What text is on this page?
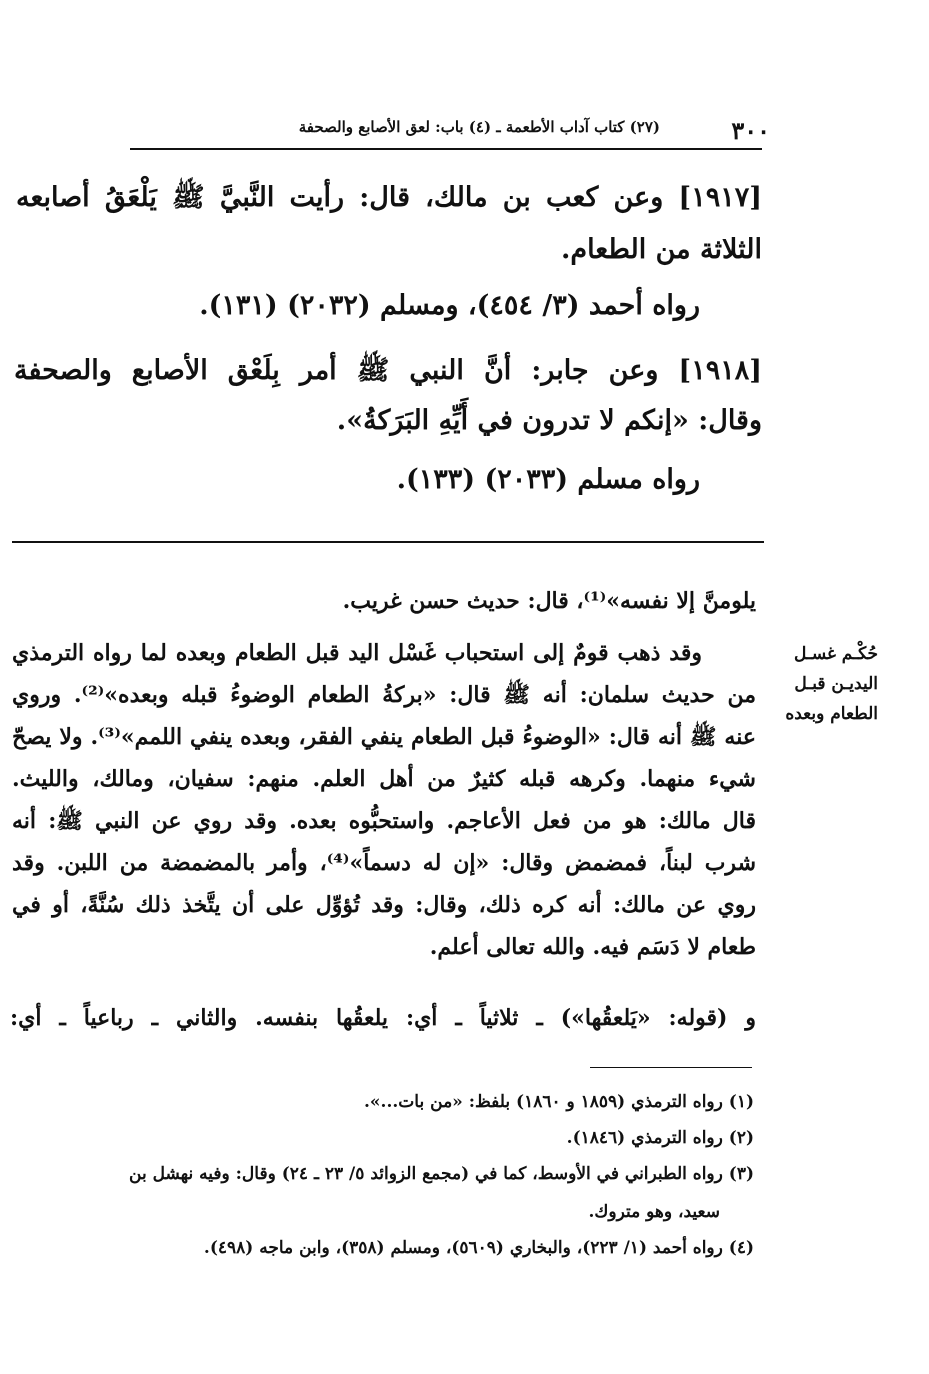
٣٠٠
(٢٧) كتاب آداب الأطعمة ـ (٤) باب: لعق الأصابع والصحفة
[١٩١٧] وعن كعب بن مالك، قال: رأيت النَّبيَّ ﷺ يَلْعَقُ أصابعه
الثلاثة من الطعام.
رواه أحمد (٣/ ٤٥٤)، ومسلم (٢٠٣٢) (١٣١).
[١٩١٨] وعن جابر: أنَّ النبي ﷺ أمر بِلَعْق الأصابع والصحفة
وقال: «إنكم لا تدرون في أَيِّهِ البَرَكةُ».
رواه مسلم (٢٠٣٣) (١٣٣).
يلومنَّ إلا نفسه»⁽¹⁾، قال: حديث حسن غريب.
وقد ذهب قومٌ إلى استحباب غَسْل اليد قبل الطعام وبعده لما رواه الترمذي
من حديث سلمان: أنه ﷺ قال: «بركةُ الطعام الوضوءُ قبله وبعده»⁽²⁾. وروي
عنه ﷺ أنه قال: «الوضوءُ قبل الطعام ينفي الفقر، وبعده ينفي اللمم»⁽³⁾. ولا يصحّ
شيء منهما. وكرهه قبله كثيرٌ من أهل العلم. منهم: سفيان، ومالك، والليث.
قال مالك: هو من فعل الأعاجم. واستحبُّوه بعده. وقد روي عن النبي ﷺ: أنه
شرب لبناً، فمضمض وقال: «إن له دسماً»⁽⁴⁾، وأمر بالمضمضة من اللبن. وقد
روي عن مالك: أنه كره ذلك، وقال: وقد تُؤوِّل على أن يتَّخذ ذلك سُنَّةً، أو في
طعام لا دَسَم فيه. والله تعالى أعلم.
و (قوله: «يَلعقُها») ـ ثلاثياً ـ أي: يلعقُها بنفسه. والثاني ـ رباعياً ـ أي:
حُكْـم غسـل
اليديـن قبـل
الطعام وبعده
(١) رواه الترمذي (١٨٥٩ و ١٨٦٠) بلفظ: «من بات...».
(٢) رواه الترمذي (١٨٤٦).
(٣) رواه الطبراني في الأوسط، كما في (مجمع الزوائد ٥/ ٢٣ ـ ٢٤) وقال: وفيه نهشل بن
سعيد، وهو متروك.
(٤) رواه أحمد (١/ ٢٢٣)، والبخاري (٥٦٠٩)، ومسلم (٣٥٨)، وابن ماجه (٤٩٨).
